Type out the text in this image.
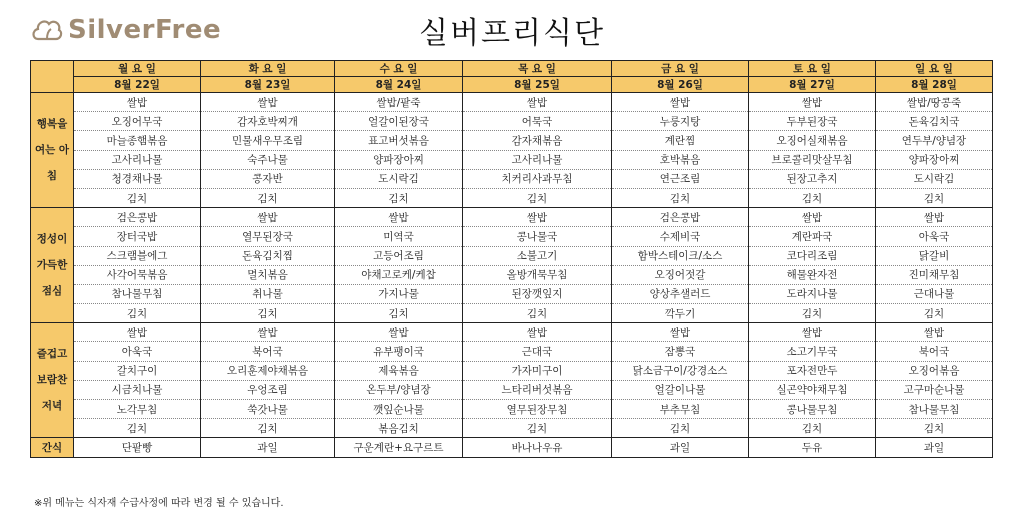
SilverFree	실버프리식단
	월 요 일	화 요 일	수 요 일	목 요 일	금 요 일	토 요 일	일 요 일
	8월 22일	8월 23일	8월 24일	8월 25일	8월 26일	8월 27일	8월 28일
행복을 여는 아침	쌀밥	쌀밥	쌀밥/팥죽	쌀밥	쌀밥	쌀밥	쌀밥/땅콩죽
	오징어무국	감자호박찌개	얼갈이된장국	어묵국	누룽지탕	두부된장국	돈육김치국
	마늘종햄볶음	민물새우무조림	표고버섯볶음	감자채볶음	계란찜	오징어실채볶음	연두부/양념장
	고사리나물	숙주나물	양파장아찌	고사리나물	호박볶음	브로콜리맛살무침	양파장아찌
	청경채나물	콩자반	도시락김	치커리사과무침	연근조림	된장고추지	도시락김
	김치	김치	김치	김치	김치	김치	김치
정성이 가득한 점심	검은콩밥	쌀밥	쌀밥	쌀밥	검은콩밥	쌀밥	쌀밥
	장터국밥	열무된장국	미역국	콩나물국	수제비국	계란파국	아욱국
	스크램블에그	돈육김치찜	고등어조림	소불고기	함박스테이크/소스	코다리조림	닭갈비
	사각어묵볶음	멸치볶음	야채고로케/케찹	올방개묵무침	오징어젓갈	해물완자전	진미채무침
	참나물무침	취나물	가지나물	된장깻잎지	양상추샐러드	도라지나물	근대나물
	김치	김치	김치	김치	깍두기	김치	김치
즐겁고 보람찬 저녁	쌀밥	쌀밥	쌀밥	쌀밥	쌀밥	쌀밥	쌀밥
	아욱국	북어국	유부팽이국	근대국	잠뽕국	소고기무국	북어국
	갈치구이	오리훈제야채볶음	제육볶음	가자미구이	닭소금구이/강경소스	포자전만두	오징어볶음
	시금치나물	우엉조림	온두부/양념장	느타리버섯볶음	얼갈이나물	실곤약야채무침	고구마순나물
	노각무침	쑥갓나물	깻잎순나물	열무된장무침	부추무침	콩나물무침	참나물무침
	김치	김치	볶음김치	김치	김치	김치	김치
간식	단팥빵	과일	구운계란+요구르트	바나나우유	과일	두유	과일
※위 메뉴는 식자재 수급사정에 따라 변경 될 수 있습니다.
